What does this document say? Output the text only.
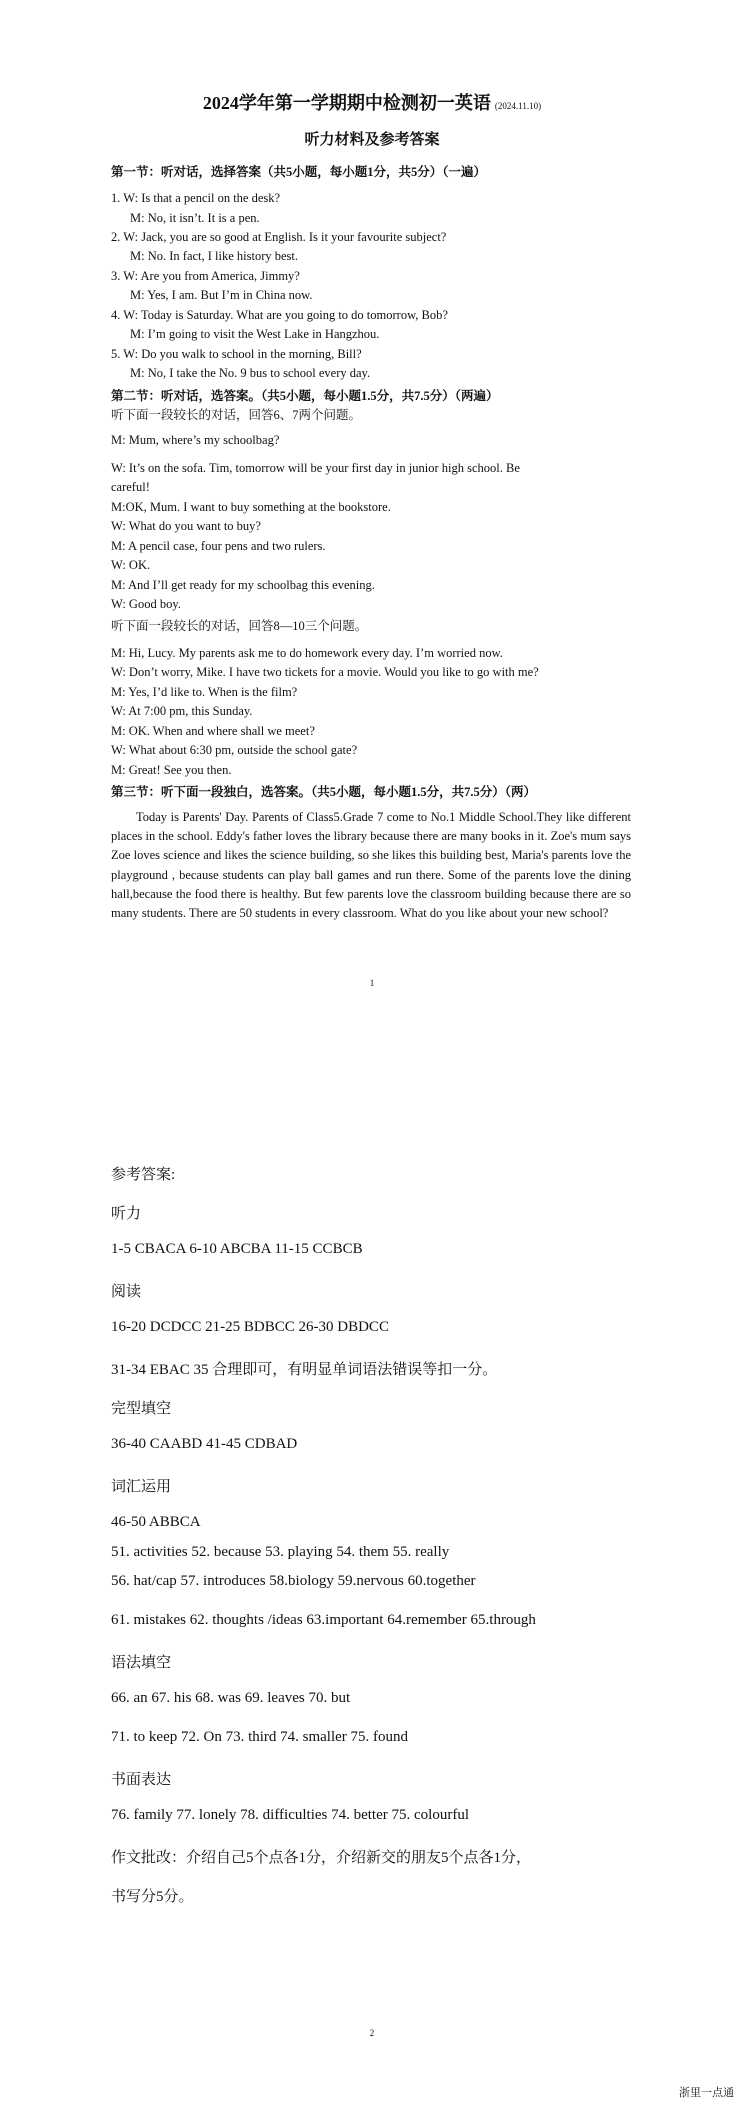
2024学年第一学期期中检测初一英语 (2024.11.10)
听力材料及参考答案
第一节：听对话，选择答案（共5小题，每小题1分，共5分）（一遍）
1. W: Is that a pencil on the desk?
M: No, it isn’t. It is a pen.
2. W: Jack, you are so good at English. Is it your favourite subject?
M: No. In fact, I like history best.
3. W: Are you from America, Jimmy?
M: Yes, I am. But I’m in China now.
4. W: Today is Saturday. What are you going to do tomorrow, Bob?
M: I’m going to visit the West Lake in Hangzhou.
5. W: Do you walk to school in the morning, Bill?
M: No, I take the No. 9 bus to school every day.
第二节：听对话，选答案。（共5小题，每小题1.5分，共7.5分）（两遍）
听下面一段较长的对话，回答6、7两个问题。
M: Mum, where’s my schoolbag?
W: It’s on the sofa. Tim, tomorrow will be your first day in junior high school. Be
careful!
M:OK, Mum. I want to buy something at the bookstore.
W: What do you want to buy?
M: A pencil case, four pens and two rulers.
W: OK.
M: And I’ll get ready for my schoolbag this evening.
W: Good boy.
听下面一段较长的对话，回答8—10三个问题。
M: Hi, Lucy. My parents ask me to do homework every day. I’m worried now.
W: Don’t worry, Mike. I have two tickets for a movie. Would you like to go with me?
M: Yes, I’d like to. When is the film?
W: At 7:00 pm, this Sunday.
M: OK. When and where shall we meet?
W: What about 6:30 pm, outside the school gate?
M: Great! See you then.
第三节：听下面一段独白，选答案。（共5小题，每小题1.5分，共7.5分）（两）
Today is Parents' Day. Parents of Class5.Grade 7 come to No.1 Middle School.They like different places in the school. Eddy's father loves the library because there are many books in it. Zoe's mum says Zoe loves science and likes the science building, so she likes this building best, Maria's parents love the playground , because students can play ball games and run there. Some of the parents love the dining hall,because the food there is healthy. But few parents love the classroom building because there are so many students. There are 50 students in every classroom. What do you like about your new school?
1
参考答案:
听力
1-5 CBACA 6-10 ABCBA 11-15 CCBCB
阅读
16-20 DCDCC 21-25 BDBCC 26-30 DBDCC
31-34 EBAC 35 合理即可，有明显单词语法错误等扣一分。
完型填空
36-40 CAABD 41-45 CDBAD
词汇运用
46-50 ABBCA
51. activities 52. because 53. playing 54. them 55. really
56. hat/cap 57. introduces 58.biology 59.nervous 60.together
61. mistakes 62. thoughts /ideas 63.important 64.remember 65.through
语法填空
66. an 67. his 68. was 69. leaves 70. but
71. to keep 72. On 73. third 74. smaller 75. found
书面表达
76. family 77. lonely 78. difficulties 74. better 75. colourful
作文批改：介绍自己5个点各1分，介绍新交的朋友5个点各1分，
书写分5分。
2
浙里一点通
